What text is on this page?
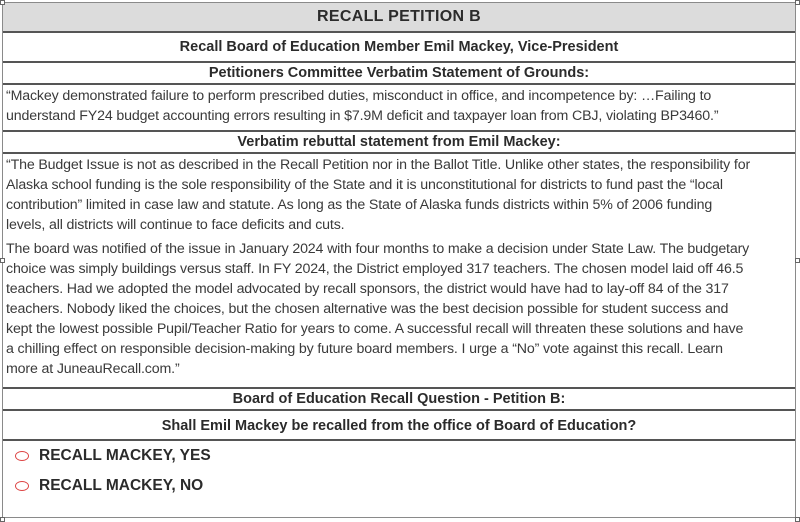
RECALL PETITION B
Recall Board of Education Member Emil Mackey, Vice-President
Petitioners Committee Verbatim Statement of Grounds:
“Mackey demonstrated failure to perform prescribed duties, misconduct in office, and incompetence by: …Failing to
understand FY24 budget accounting errors resulting in $7.9M deficit and taxpayer loan from CBJ, violating BP3460.”
Verbatim rebuttal statement from Emil Mackey:
“The Budget Issue is not as described in the Recall Petition nor in the Ballot Title. Unlike other states, the responsibility for
Alaska school funding is the sole responsibility of the State and it is unconstitutional for districts to fund past the “local
contribution” limited in case law and statute. As long as the State of Alaska funds districts within 5% of 2006 funding
levels, all districts will continue to face deficits and cuts.
The board was notified of the issue in January 2024 with four months to make a decision under State Law. The budgetary
choice was simply buildings versus staff. In FY 2024, the District employed 317 teachers. The chosen model laid off 46.5
teachers. Had we adopted the model advocated by recall sponsors, the district would have had to lay-off 84 of the 317
teachers. Nobody liked the choices, but the chosen alternative was the best decision possible for student success and
kept the lowest possible Pupil/Teacher Ratio for years to come. A successful recall will threaten these solutions and have
a chilling effect on responsible decision-making by future board members. I urge a “No” vote against this recall. Learn
more at JuneauRecall.com.”
Board of Education Recall Question - Petition B:
Shall Emil Mackey be recalled from the office of Board of Education?
RECALL MACKEY, YES
RECALL MACKEY, NO
